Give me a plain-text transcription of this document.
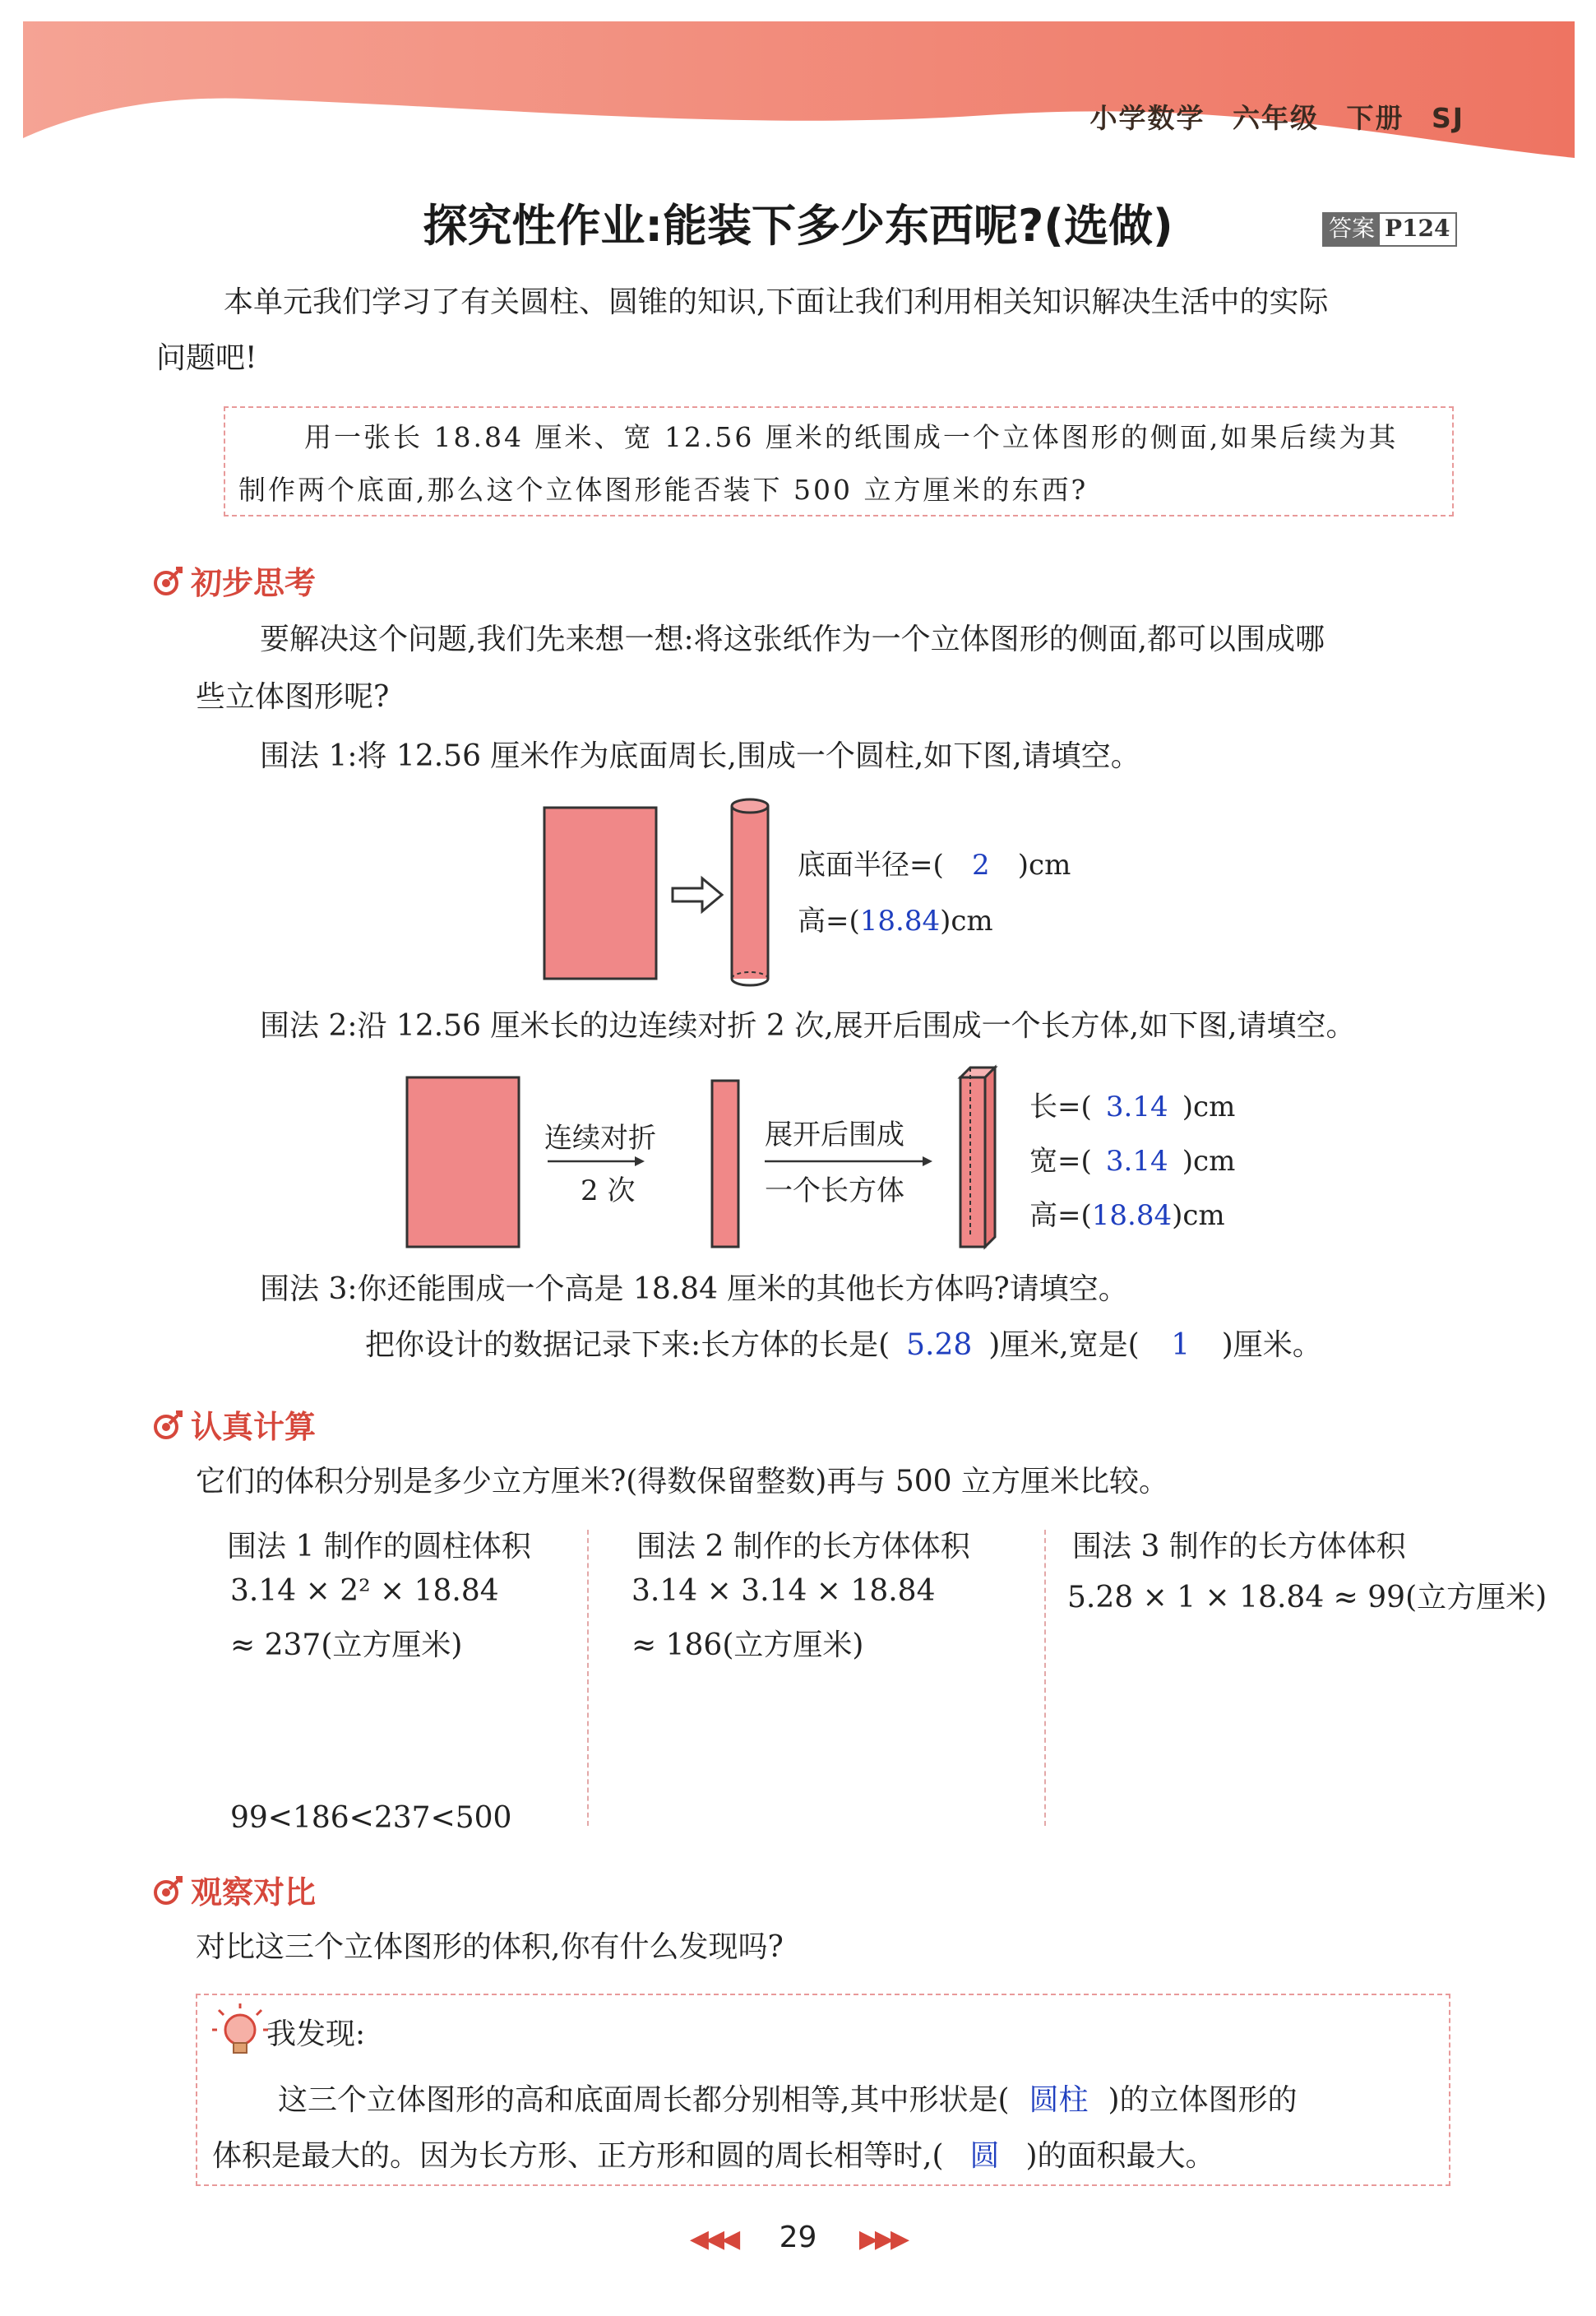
小学数学 六年级 下册 SJ
探究性作业:能装下多少东西呢?(选做)	答案 P124
本单元我们学习了有关圆柱、圆锥的知识,下面让我们利用相关知识解决生活中的实际
问题吧!
用一张长 18.84 厘米、宽 12.56 厘米的纸围成一个立体图形的侧面,如果后续为其
制作两个底面,那么这个立体图形能否装下 500 立方厘米的东西?
初步思考
要解决这个问题,我们先来想一想:将这张纸作为一个立体图形的侧面,都可以围成哪
些立体图形呢?
围法 1:将 12.56 厘米作为底面周长,围成一个圆柱,如下图,请填空。
底面半径=( 2 )cm
高=(18.84)cm
围法 2:沿 12.56 厘米长的边连续对折 2 次,展开后围成一个长方体,如下图,请填空。
连续对折
2 次
展开后围成
一个长方体
长=( 3.14 )cm
宽=( 3.14 )cm
高=(18.84)cm
围法 3:你还能围成一个高是 18.84 厘米的其他长方体吗?请填空。
把你设计的数据记录下来:长方体的长是( 5.28 )厘米,宽是( 1 )厘米。
认真计算
它们的体积分别是多少立方厘米?(得数保留整数)再与 500 立方厘米比较。
围法 1 制作的圆柱体积
3.14 × 2² × 18.84
≈ 237(立方厘米)
围法 2 制作的长方体体积
3.14 × 3.14 × 18.84
≈ 186(立方厘米)
围法 3 制作的长方体体积
5.28 × 1 × 18.84 ≈ 99(立方厘米)
99<186<237<500
观察对比
对比这三个立体图形的体积,你有什么发现吗?
我发现:
这三个立体图形的高和底面周长都分别相等,其中形状是( 圆柱 )的立体图形的
体积是最大的。因为长方形、正方形和圆的周长相等时,( 圆 )的面积最大。
◀◀◀ 29 ▶▶▶
